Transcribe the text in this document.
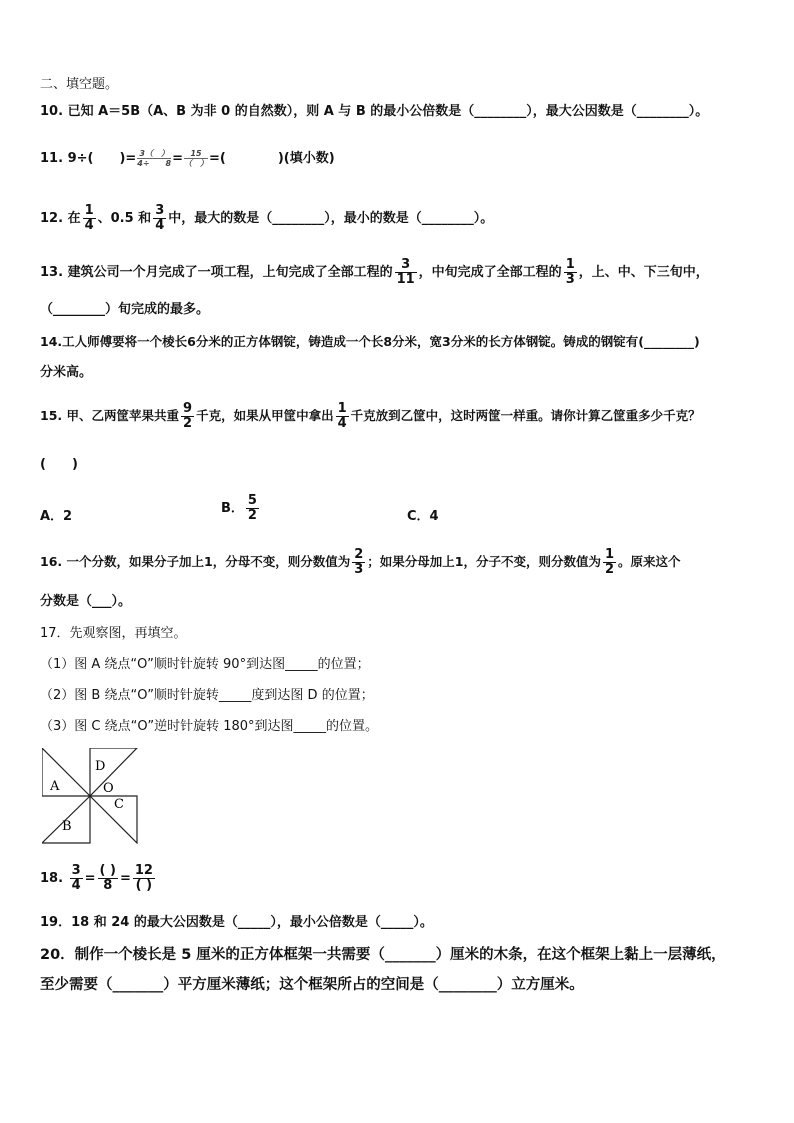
二、填空题。
10. 已知 A＝5B（A、B 为非 0 的自然数），则 A 与 B 的最小公倍数是（________），最大公因数是（________）。
11. 9÷(　　)= $\frac{3( )}{4\div 8} = 15$
（　） =(　　　　)(填小数)
12. 在 $\frac{1}{4}$ 、0.5 和 $\frac{3}{4}$ 中，最大的数是（________），最小的数是（________）。
13. 建筑公司一个月完成了一项工程，上旬完成了全部工程的 $\frac{3}{11}$ ，中旬完成了全部工程的 $\frac{1}{3}$ ，上、中、下三旬中，
（________）旬完成的最多。
14.工人师傅要将一个棱长6分米的正方体钢锭，铸造成一个长8分米，宽3分米的长方体钢锭。铸成的钢锭有(________)
分米高。
15. 甲、乙两筐苹果共重 $\frac{9}{2}$ 千克，如果从甲筐中拿出 $\frac{1}{4}$ 千克放到乙筐中，这时两筐一样重。请你计算乙筐重多少千克？
(　　)
A．2
B． $\frac{5}{2}$	C．4
16. 一个分数，如果分子加上1，分母不变，则分数值为 $\frac{2}{3}$ ；如果分母加上1，分子不变，则分数值为 $\frac{1}{2}$ 。原来这个
分数是（___）。
17．先观察图，再填空。
（1）图 A 绕点“O”顺时针旋转 90°到达图_____的位置；
（2）图 B 绕点“O”顺时针旋转_____度到达图 D 的位置；
（3）图 C 绕点“O”逆时针旋转 180°到达图_____的位置。
A
B
C
D
O
18. $\frac{3}{4} = \frac{( )}{8} = \frac{12}{( )}$
19．18 和 24 的最大公因数是（_____），最小公倍数是（_____）。
20．制作一个棱长是 5 厘米的正方体框架一共需要（_______）厘米的木条，在这个框架上黏上一层薄纸，
至少需要（_______）平方厘米薄纸；这个框架所占的空间是（________）立方厘米。
